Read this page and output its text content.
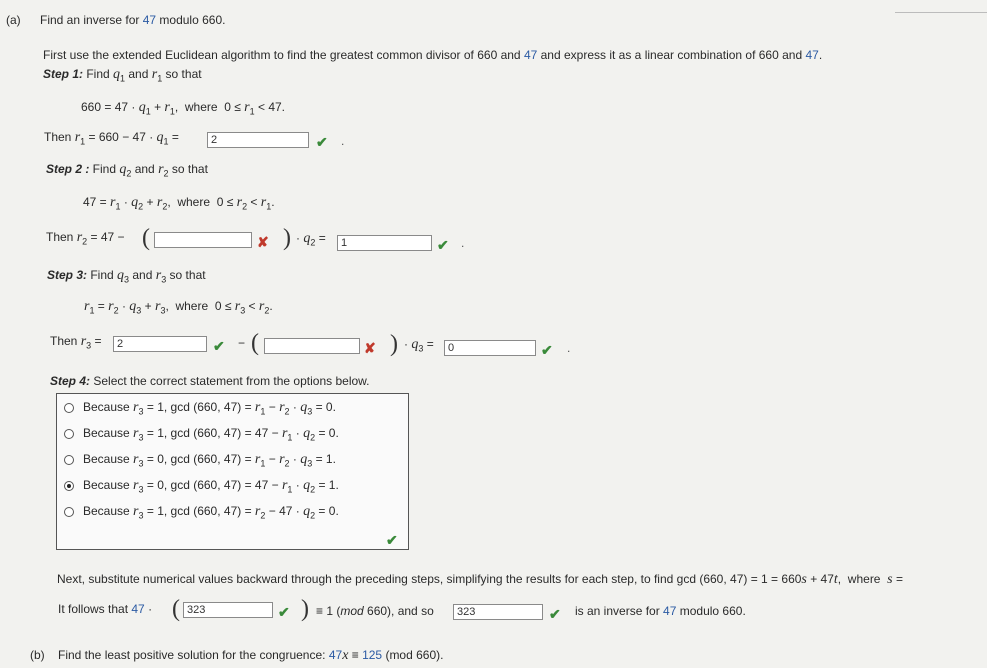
(a) Find an inverse for 47 modulo 660.
First use the extended Euclidean algorithm to find the greatest common divisor of 660 and 47 and express it as a linear combination of 660 and 47.
Step 1: Find $q_1$ and $r_1$ so that
$660 = 47 \cdot q_1 + r_1$,  where  $0 \le r_1 < 47$.
Then $r_1 = 660 - 47 \cdot q_1$ =	2	✔ .
Step 2 : Find $q_2$ and $r_2$ so that
$47 = r_1 \cdot q_2 + r_2$,  where  $0 \le r_2 < r_1$.
Then $r_2 = 47$ − (	✘ ) · $q_2$ =	1	✔ .
Step 3: Find $q_3$ and $r_3$ so that
$r_1 = r_2 \cdot q_3 + r_3$,  where  $0 \le r_3 < r_2$.
Then $r_3$ =	2	✔ − (	✘ ) · $q_3$ =	0	✔ .
Step 4: Select the correct statement from the options below.
Because $r_3 = 1$, gcd (660, $47) = r_1 - r_2 \cdot q_3 = 0$.
Because $r_3 = 1$, gcd (660, $47) = 47 - r_1 \cdot q_2 = 0$.
Because $r_3 = 0$, gcd (660, $47) = r_1 - r_2 \cdot q_3 = 1$.
Because $r_3 = 0$, gcd (660, $47) = 47 - r_1 \cdot q_2 = 1$.
Because $r_3 = 1$, gcd (660, $47) = r_2 - 47 \cdot q_2 = 0$.
✔
Next, substitute numerical values backward through the preceding steps, simplifying the results for each step, to find gcd (660, 47) = 1 = 660s + 47t,  where  s =
It follows that 47 · ( 323	✔ ) ≡ 1 (mod 660), and so	323	✔ is an inverse for 47 modulo 660.
(b) Find the least positive solution for the congruence: 47x ≡ 125 (mod 660).
